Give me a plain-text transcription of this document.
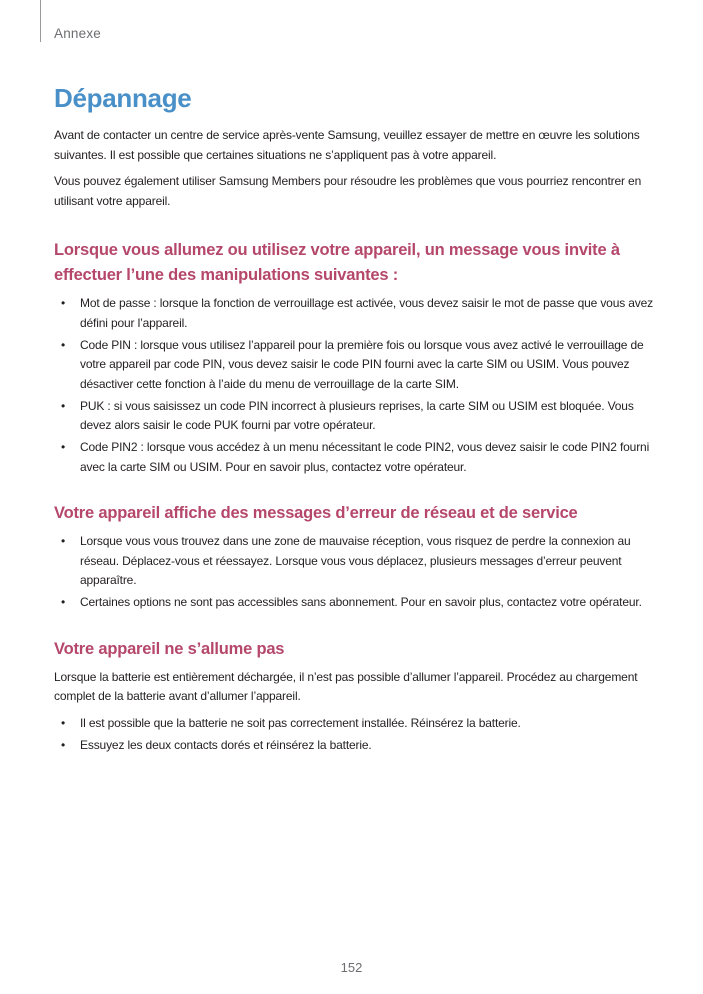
Annexe
Dépannage

Avant de contacter un centre de service après-vente Samsung, veuillez essayer de mettre en œuvre les solutions suivantes. Il est possible que certaines situations ne s’appliquent pas à votre appareil.

Vous pouvez également utiliser Samsung Members pour résoudre les problèmes que vous pourriez rencontrer en utilisant votre appareil.

Lorsque vous allumez ou utilisez votre appareil, un message vous invite à effectuer l’une des manipulations suivantes :
• Mot de passe : lorsque la fonction de verrouillage est activée, vous devez saisir le mot de passe que vous avez défini pour l’appareil.
• Code PIN : lorsque vous utilisez l’appareil pour la première fois ou lorsque vous avez activé le verrouillage de votre appareil par code PIN, vous devez saisir le code PIN fourni avec la carte SIM ou USIM. Vous pouvez désactiver cette fonction à l’aide du menu de verrouillage de la carte SIM.
• PUK : si vous saisissez un code PIN incorrect à plusieurs reprises, la carte SIM ou USIM est bloquée. Vous devez alors saisir le code PUK fourni par votre opérateur.
• Code PIN2 : lorsque vous accédez à un menu nécessitant le code PIN2, vous devez saisir le code PIN2 fourni avec la carte SIM ou USIM. Pour en savoir plus, contactez votre opérateur.
Votre appareil affiche des messages d’erreur de réseau et de service
• Lorsque vous vous trouvez dans une zone de mauvaise réception, vous risquez de perdre la connexion au réseau. Déplacez-vous et réessayez. Lorsque vous vous déplacez, plusieurs messages d’erreur peuvent apparaître.
• Certaines options ne sont pas accessibles sans abonnement. Pour en savoir plus, contactez votre opérateur.
Votre appareil ne s’allume pas

Lorsque la batterie est entièrement déchargée, il n’est pas possible d’allumer l’appareil. Procédez au chargement complet de la batterie avant d’allumer l’appareil.

• Il est possible que la batterie ne soit pas correctement installée. Réinsérez la batterie.
• Essuyez les deux contacts dorés et réinsérez la batterie.
152
